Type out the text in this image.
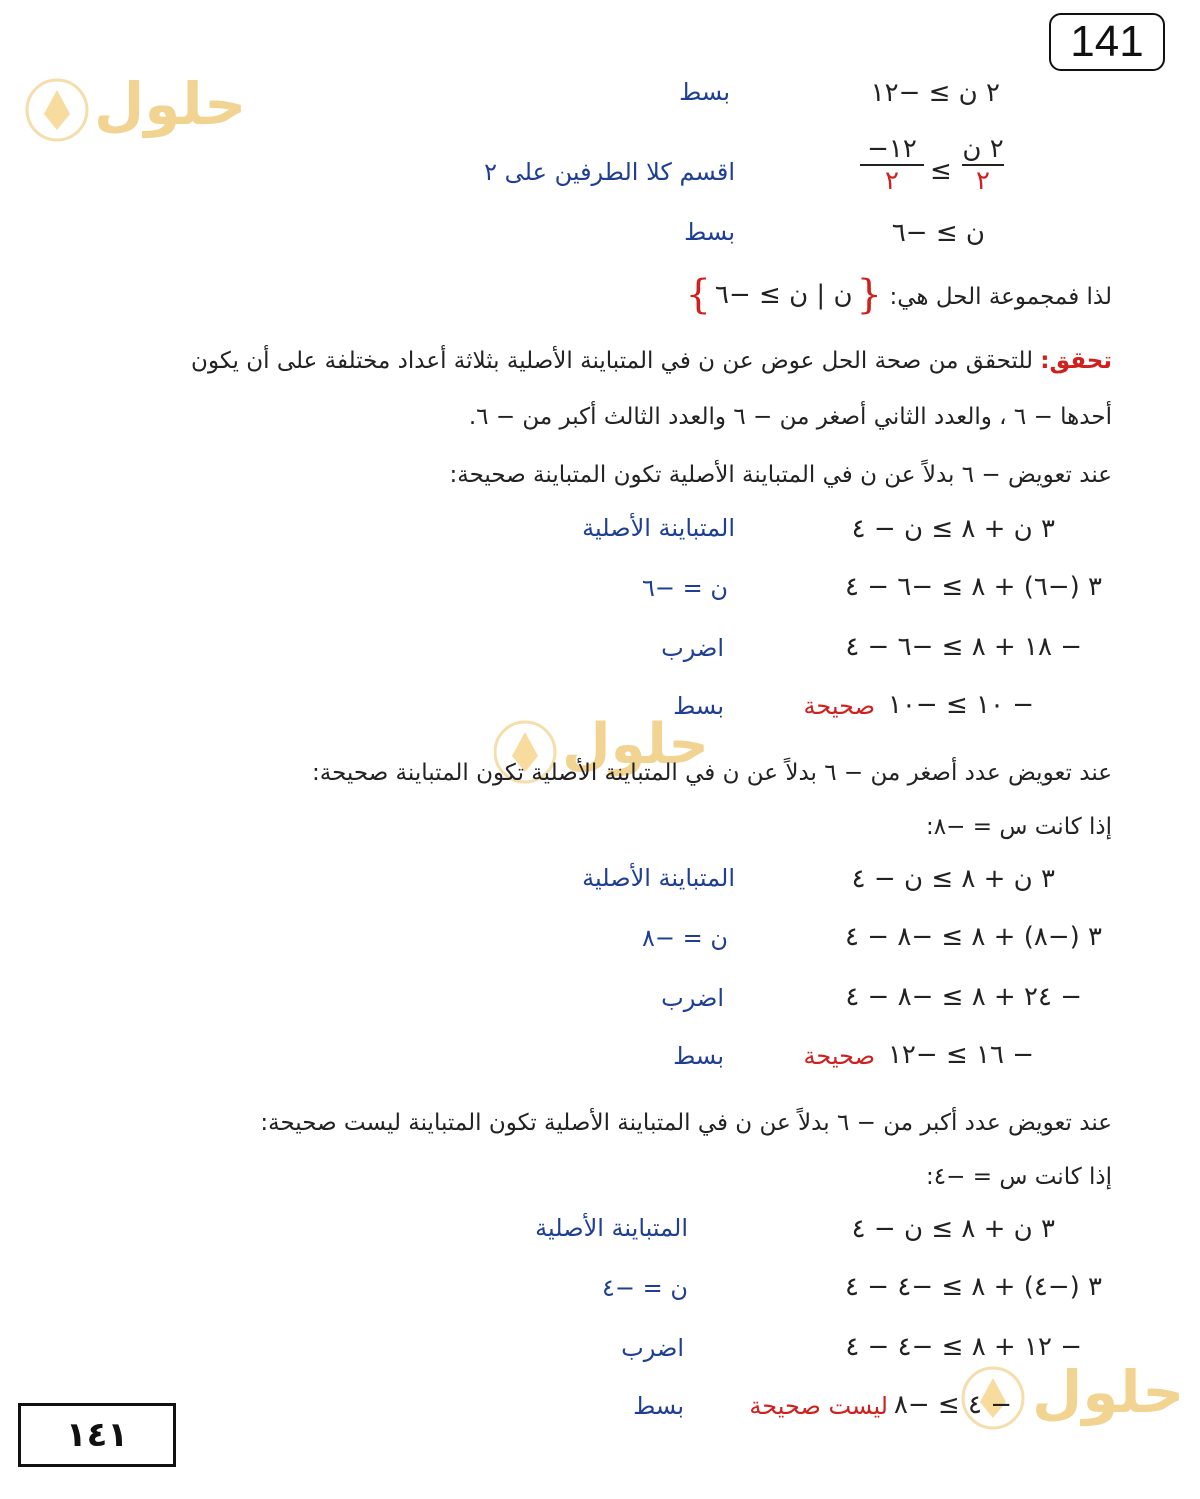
141
حلول
حلول
حلول
٢ ن ≥ −١٢
بسط
٢ ن
٢
≥
−١٢
٢
اقسم كلا الطرفين على ٢
ن ≥ −٦
بسط
لذا فمجموعة الحل هي:
{
ن | ن ≥ −٦
}
تحقق: للتحقق من صحة الحل عوض عن ن في المتباينة الأصلية بثلاثة أعداد مختلفة على أن يكون
أحدها − ٦ ، والعدد الثاني أصغر من − ٦ والعدد الثالث أكبر من − ٦.
عند تعويض − ٦ بدلاً عن ن في المتباينة الأصلية تكون المتباينة صحيحة:
٣ ن + ٨ ≥ ن − ٤
المتباينة الأصلية
٣ (−٦) + ٨ ≥ −٦ − ٤
ن = −٦
− ١٨ + ٨ ≥ −٦ − ٤
اضرب
− ١٠ ≥ −١٠
صحيحة
بسط
عند تعويض عدد أصغر من − ٦ بدلاً عن ن في المتباينة الأصلية تكون المتباينة صحيحة:
إذا كانت س = −٨:
٣ ن + ٨ ≥ ن − ٤
المتباينة الأصلية
٣ (−٨) + ٨ ≥ −٨ − ٤
ن = −٨
− ٢٤ + ٨ ≥ −٨ − ٤
اضرب
− ١٦ ≥ −١٢
صحيحة
بسط
عند تعويض عدد أكبر من − ٦ بدلاً عن ن في المتباينة الأصلية تكون المتباينة ليست صحيحة:
إذا كانت س = −٤:
٣ ن + ٨ ≥ ن − ٤
المتباينة الأصلية
٣ (−٤) + ٨ ≥ −٤ − ٤
ن = −٤
− ١٢ + ٨ ≥ −٤ − ٤
اضرب
− ٤ ≥ −٨
ليست صحيحة
بسط
١٤١
